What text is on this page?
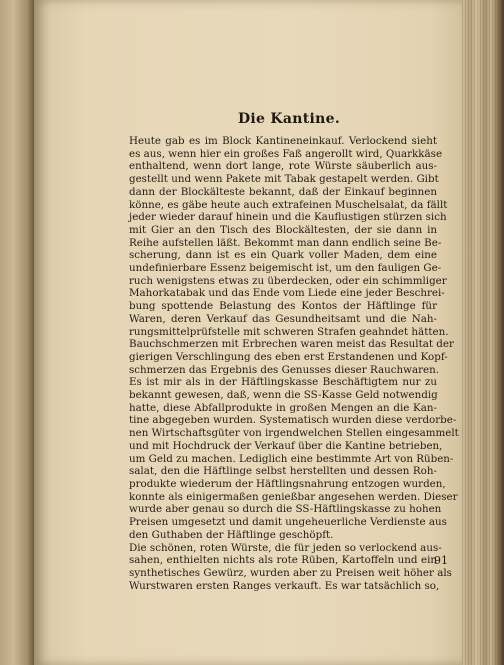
Die Kantine.

Heute gab es im Block Kantineneinkauf. Verlockend sieht
es aus, wenn hier ein großes Faß angerollt wird, Quarkkäse
enthaltend, wenn dort lange, rote Würste säuberlich aus-
gestellt und wenn Pakete mit Tabak gestapelt werden. Gibt
dann der Blockälteste bekannt, daß der Einkauf beginnen
könne, es gäbe heute auch extrafeinen Muschelsalat, da fällt
jeder wieder darauf hinein und die Kauflustigen stürzen sich
mit Gier an den Tisch des Blockältesten, der sie dann in
Reihe aufstellen läßt. Bekommt man dann endlich seine Be-
scherung, dann ist es ein Quark voller Maden, dem eine
undefinierbare Essenz beigemischt ist, um den fauligen Ge-
ruch wenigstens etwas zu überdecken, oder ein schimmliger
Mahorkatabak und das Ende vom Liede eine jeder Beschrei-
bung spottende Belastung des Kontos der Häftlinge für
Waren, deren Verkauf das Gesundheitsamt und die Nah-
rungsmittelprüfstelle mit schweren Strafen geahndet hätten.
Bauchschmerzen mit Erbrechen waren meist das Resultat der
gierigen Verschlingung des eben erst Erstandenen und Kopf-
schmerzen das Ergebnis des Genusses dieser Rauchwaren.

Es ist mir als in der Häftlingskasse Beschäftigtem nur zu
bekannt gewesen, daß, wenn die SS-Kasse Geld notwendig
hatte, diese Abfallprodukte in großen Mengen an die Kan-
tine abgegeben wurden. Systematisch wurden diese verdorbe-
nen Wirtschaftsgüter von irgendwelchen Stellen eingesammelt
und mit Hochdruck der Verkauf über die Kantine betrieben,
um Geld zu machen. Lediglich eine bestimmte Art von Rüben-
salat, den die Häftlinge selbst herstellten und dessen Roh-
produkte wiederum der Häftlingsnahrung entzogen wurden,
konnte als einigermaßen genießbar angesehen werden. Dieser
wurde aber genau so durch die SS-Häftlingskasse zu hohen
Preisen umgesetzt und damit ungeheuerliche Verdienste aus
den Guthaben der Häftlinge geschöpft.

Die schönen, roten Würste, die für jeden so verlockend aus-
sahen, enthielten nichts als rote Rüben, Kartoffeln und ein
synthetisches Gewürz, wurden aber zu Preisen weit höher als
Wurstwaren ersten Ranges verkauft. Es war tatsächlich so,

91
